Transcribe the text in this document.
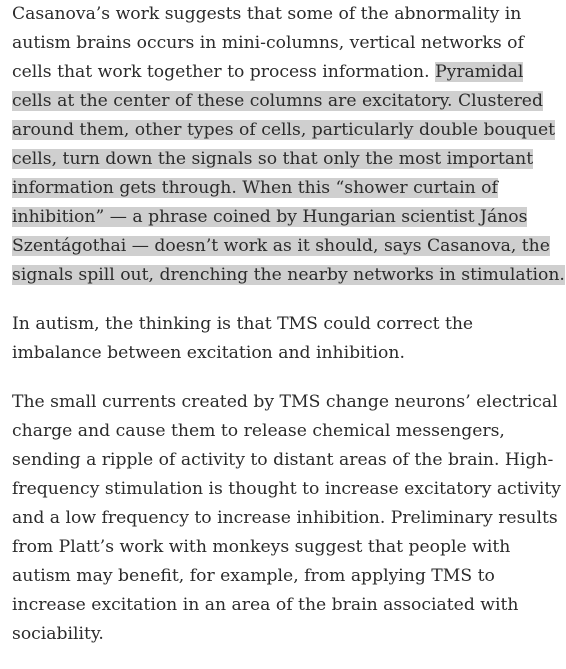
Casanova’s work suggests that some of the abnormality in autism brains occurs in mini-columns, vertical networks of cells that work together to process information. Pyramidal cells at the center of these columns are excitatory. Clustered around them, other types of cells, particularly double bouquet cells, turn down the signals so that only the most important information gets through. When this “shower curtain of inhibition” — a phrase coined by Hungarian scientist János Szentágothai — doesn’t work as it should, says Casanova, the signals spill out, drenching the nearby networks in stimulation.

In autism, the thinking is that TMS could correct the imbalance between excitation and inhibition.

The small currents created by TMS change neurons’ electrical charge and cause them to release chemical messengers, sending a ripple of activity to distant areas of the brain. High-frequency stimulation is thought to increase excitatory activity and a low frequency to increase inhibition. Preliminary results from Platt’s work with monkeys suggest that people with autism may benefit, for example, from applying TMS to increase excitation in an area of the brain associated with sociability.
